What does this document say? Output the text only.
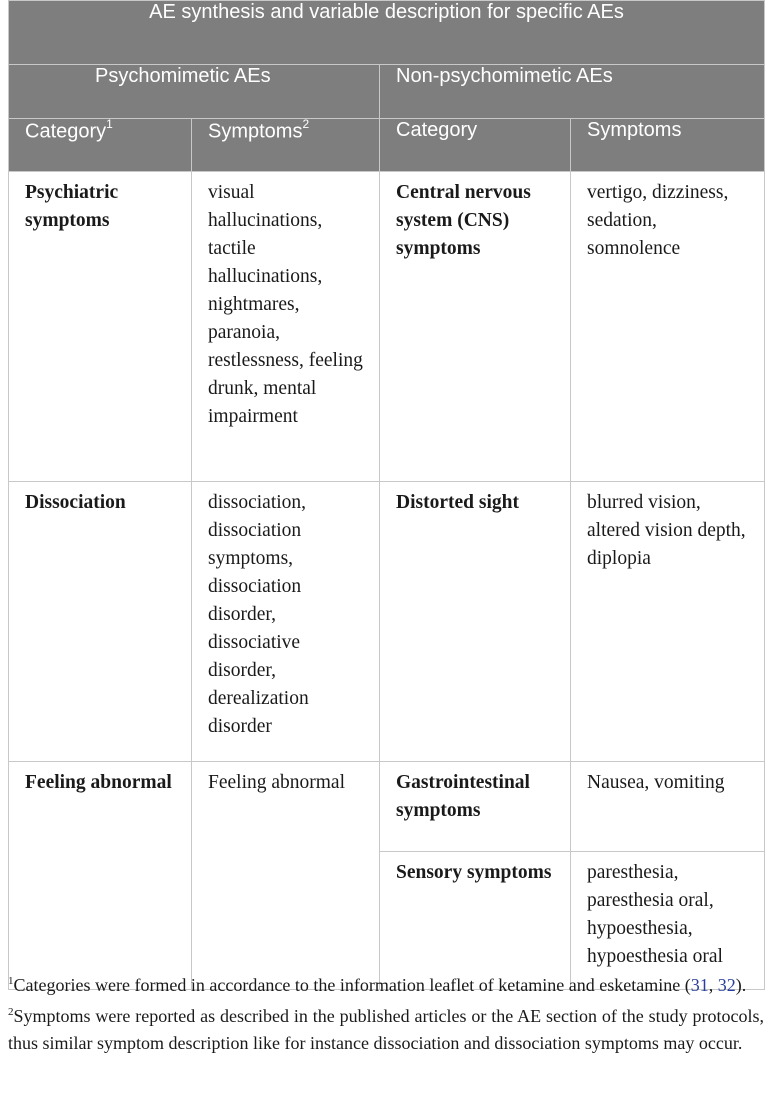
AE synthesis and variable description for specific AEs			
Psychomimetic AEs		Non-psychomimetic AEs	
Category$^1$	Symptoms$^2$	Category	Symptoms
Psychiatric symptoms	visual hallucinations, tactile hallucinations, nightmares, paranoia, restlessness, feeling drunk, mental impairment	Central nervous system (CNS) symptoms	vertigo, dizziness, sedation, somnolence
Dissociation	dissociation, dissociation symptoms, dissociation disorder, dissociative disorder, derealization disorder	Distorted sight	blurred vision, altered vision depth, diplopia
Feeling abnormal	Feeling abnormal	Gastrointestinal symptoms	Nausea, vomiting
		Sensory symptoms	paresthesia, paresthesia oral, hypoesthesia, hypoesthesia oral

$^1$Categories were formed in accordance to the information leaflet of ketamine and esketamine (31, 32).

$^2$Symptoms were reported as described in the published articles or the AE section of the study protocols, thus similar symptom description like for instance dissociation and dissociation symptoms may occur.
